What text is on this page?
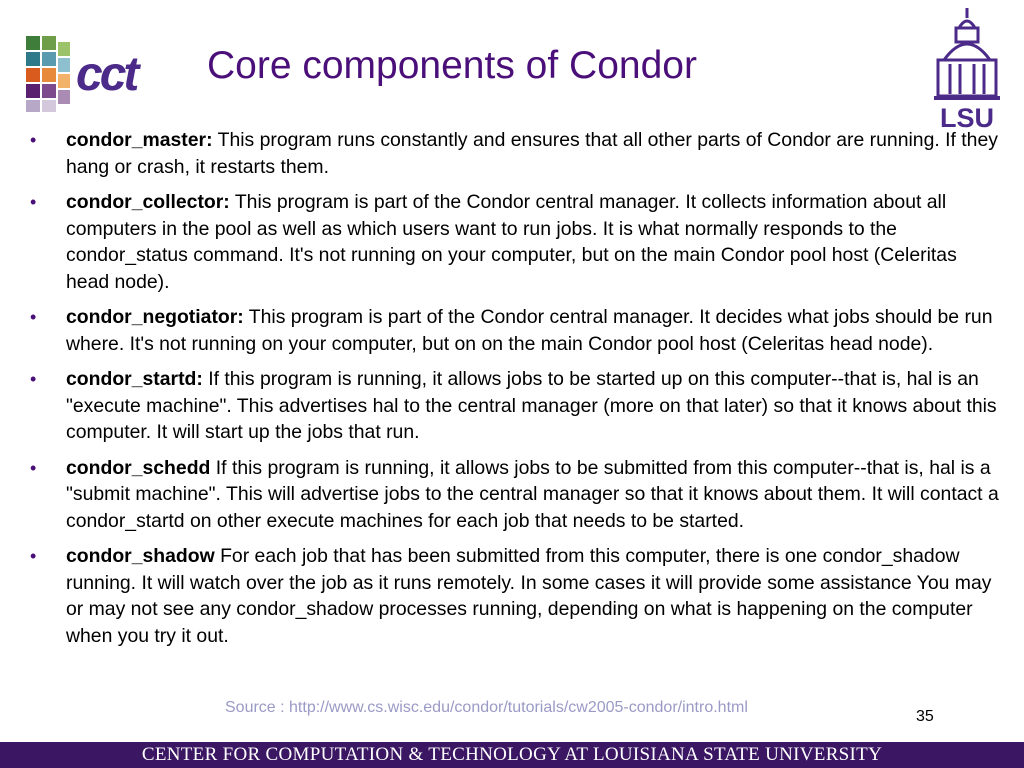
cct Core components of Condor
LSU
• condor_master: This program runs constantly and ensures that all other parts of Condor are running. If they hang or crash, it restarts them.
• condor_collector: This program is part of the Condor central manager. It collects information about all computers in the pool as well as which users want to run jobs. It is what normally responds to the condor_status command. It's not running on your computer, but on the main Condor pool host (Celeritas head node).
• condor_negotiator: This program is part of the Condor central manager. It decides what jobs should be run where. It's not running on your computer, but on on the main Condor pool host (Celeritas head node).
• condor_startd: If this program is running, it allows jobs to be started up on this computer--that is, hal is an "execute machine". This advertises hal to the central manager (more on that later) so that it knows about this computer. It will start up the jobs that run.
• condor_schedd If this program is running, it allows jobs to be submitted from this computer--that is, hal is a "submit machine". This will advertise jobs to the central manager so that it knows about them. It will contact a condor_startd on other execute machines for each job that needs to be started.
• condor_shadow For each job that has been submitted from this computer, there is one condor_shadow running. It will watch over the job as it runs remotely. In some cases it will provide some assistance You may or may not see any condor_shadow processes running, depending on what is happening on the computer when you try it out.
Source : http://www.cs.wisc.edu/condor/tutorials/cw2005-condor/intro.html
35
CENTER FOR COMPUTATION & TECHNOLOGY AT LOUISIANA STATE UNIVERSITY
